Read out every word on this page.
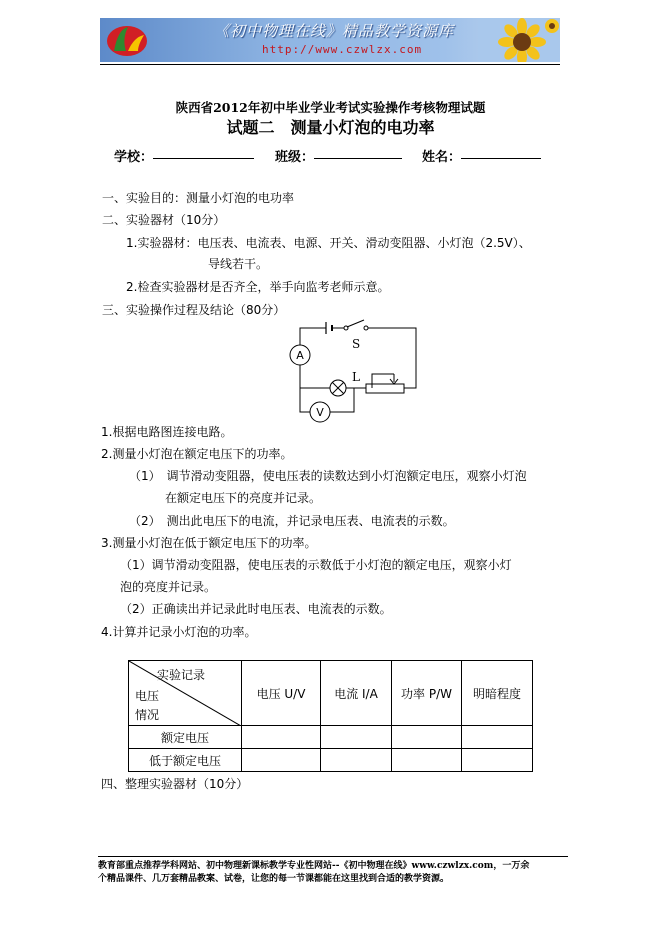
《初中物理在线》精品教学资源库
http://www.czwlzx.com
陕西省2012年初中毕业学业考试实验操作考核物理试题
试题二　测量小灯泡的电功率
学校：	班级：	姓名：
一、实验目的：测量小灯泡的电功率
二、实验器材（10分）
1.实验器材：电压表、电流表、电源、开关、滑动变阻器、小灯泡（2.5V）、
导线若干。
2.检查实验器材是否齐全，举手向监考老师示意。
三、实验操作过程及结论（80分）
A
V
S
L
1.根据电路图连接电路。
2.测量小灯泡在额定电压下的功率。
（1）　调节滑动变阻器，使电压表的读数达到小灯泡额定电压，观察小灯泡
在额定电压下的亮度并记录。
（2）　测出此电压下的电流，并记录电压表、电流表的示数。
3.测量小灯泡在低于额定电压下的功率。
（1）调节滑动变阻器，使电压表的示数低于小灯泡的额定电压，观察小灯
泡的亮度并记录。
（2）正确读出并记录此时电压表、电流表的示数。
4.计算并记录小灯泡的功率。
实验记录
电压
情况	电压 U/V	电流 I/A	功率 P/W	明暗程度
额定电压				
低于额定电压				
四、整理实验器材（10分）
教育部重点推荐学科网站、初中物理新课标教学专业性网站--《初中物理在线》www.czwlzx.com，一万余
个精品课件、几万套精品教案、试卷，让您的每一节课都能在这里找到合适的教学资源。
